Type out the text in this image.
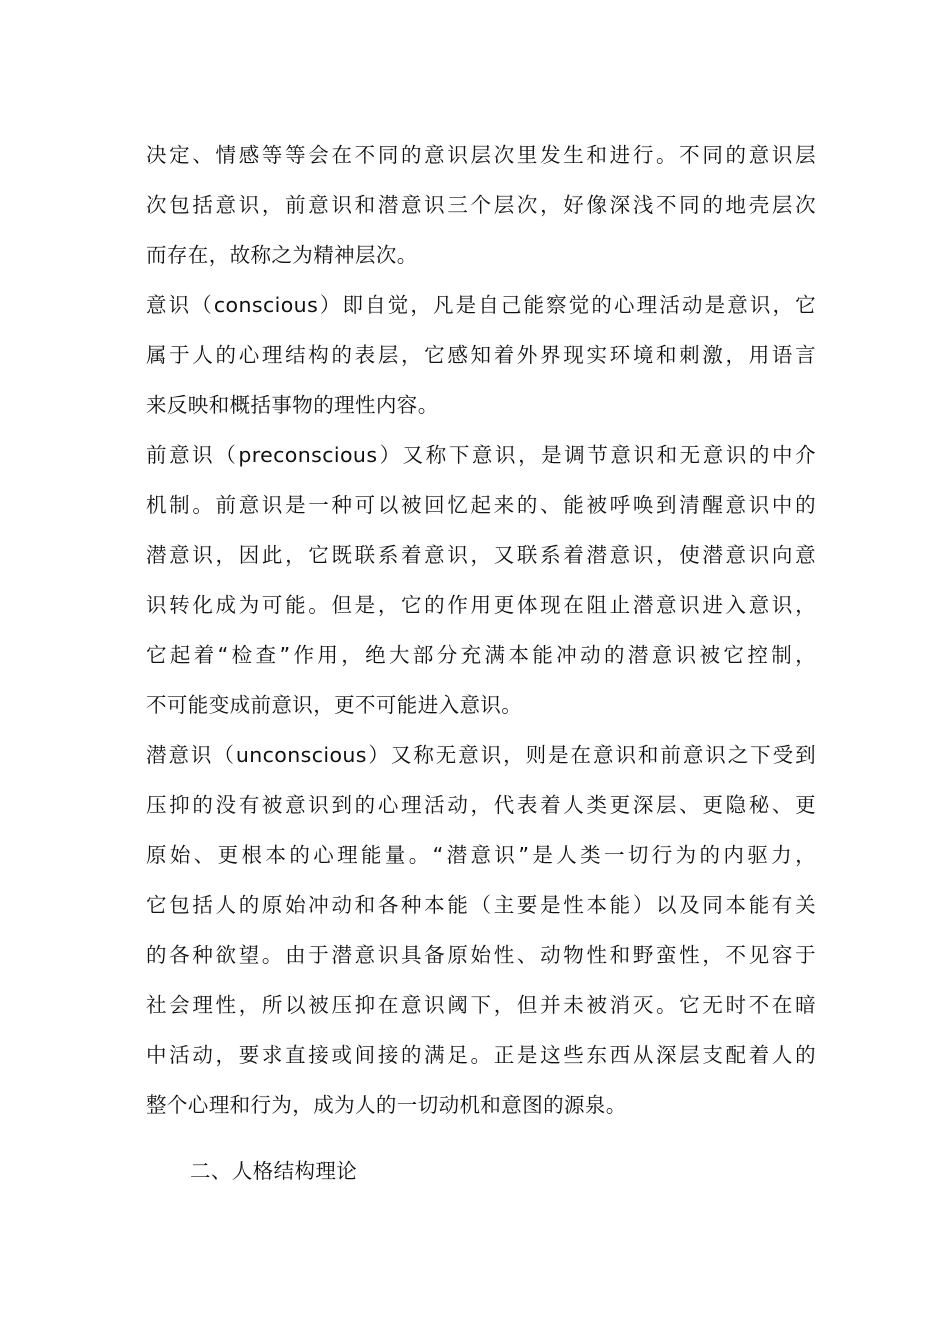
决定、情感等等会在不同的意识层次里发生和进行。不同的意识层
次包括意识，前意识和潜意识三个层次，好像深浅不同的地壳层次
而存在，故称之为精神层次。
意识（conscious）即自觉，凡是自己能察觉的心理活动是意识，它
属于人的心理结构的表层，它感知着外界现实环境和刺激，用语言
来反映和概括事物的理性内容。
前意识（preconscious）又称下意识，是调节意识和无意识的中介
机制。前意识是一种可以被回忆起来的、能被呼唤到清醒意识中的
潜意识，因此，它既联系着意识，又联系着潜意识，使潜意识向意
识转化成为可能。但是，它的作用更体现在阻止潜意识进入意识，
它起着“检查”作用，绝大部分充满本能冲动的潜意识被它控制，
不可能变成前意识，更不可能进入意识。
潜意识（unconscious）又称无意识，则是在意识和前意识之下受到
压抑的没有被意识到的心理活动，代表着人类更深层、更隐秘、更
原始、更根本的心理能量。“潜意识”是人类一切行为的内驱力，
它包括人的原始冲动和各种本能（主要是性本能）以及同本能有关
的各种欲望。由于潜意识具备原始性、动物性和野蛮性，不见容于
社会理性，所以被压抑在意识阈下，但并未被消灭。它无时不在暗
中活动，要求直接或间接的满足。正是这些东西从深层支配着人的
整个心理和行为，成为人的一切动机和意图的源泉。
二、人格结构理论
